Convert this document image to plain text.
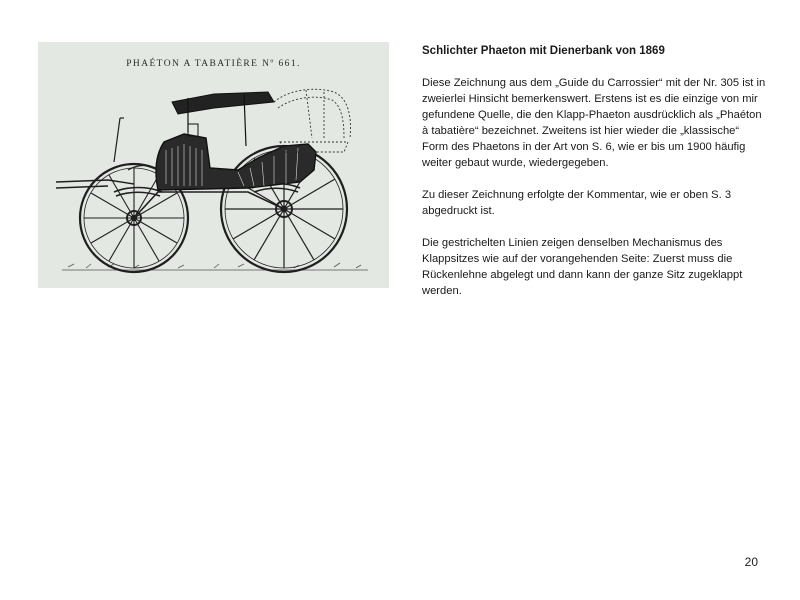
PHAÉTON A TABATIÈRE Nº 661.
Schlichter Phaeton mit Dienerbank von 1869

Diese Zeichnung aus dem „Guide du Carrossier“ mit der Nr. 305 ist in zweierlei Hinsicht bemerkenswert. Erstens ist es die einzige von mir gefundene Quelle, die den Klapp-Phaeton ausdrücklich als „Phaéton à tabatière“ bezeichnet. Zweitens ist hier wieder die „klassische“ Form des Phaetons in der Art von S. 6, wie er bis um 1900 häufig weiter gebaut wurde, wiedergegeben.

Zu dieser Zeichnung erfolgte der Kommentar, wie er oben S. 3 abgedruckt ist.

Die gestrichelten Linien zeigen denselben Mechanismus des Klappsitzes wie auf der vorangehenden Seite: Zuerst muss die Rückenlehne abgelegt und dann kann der ganze Sitz zugeklappt werden.

20
